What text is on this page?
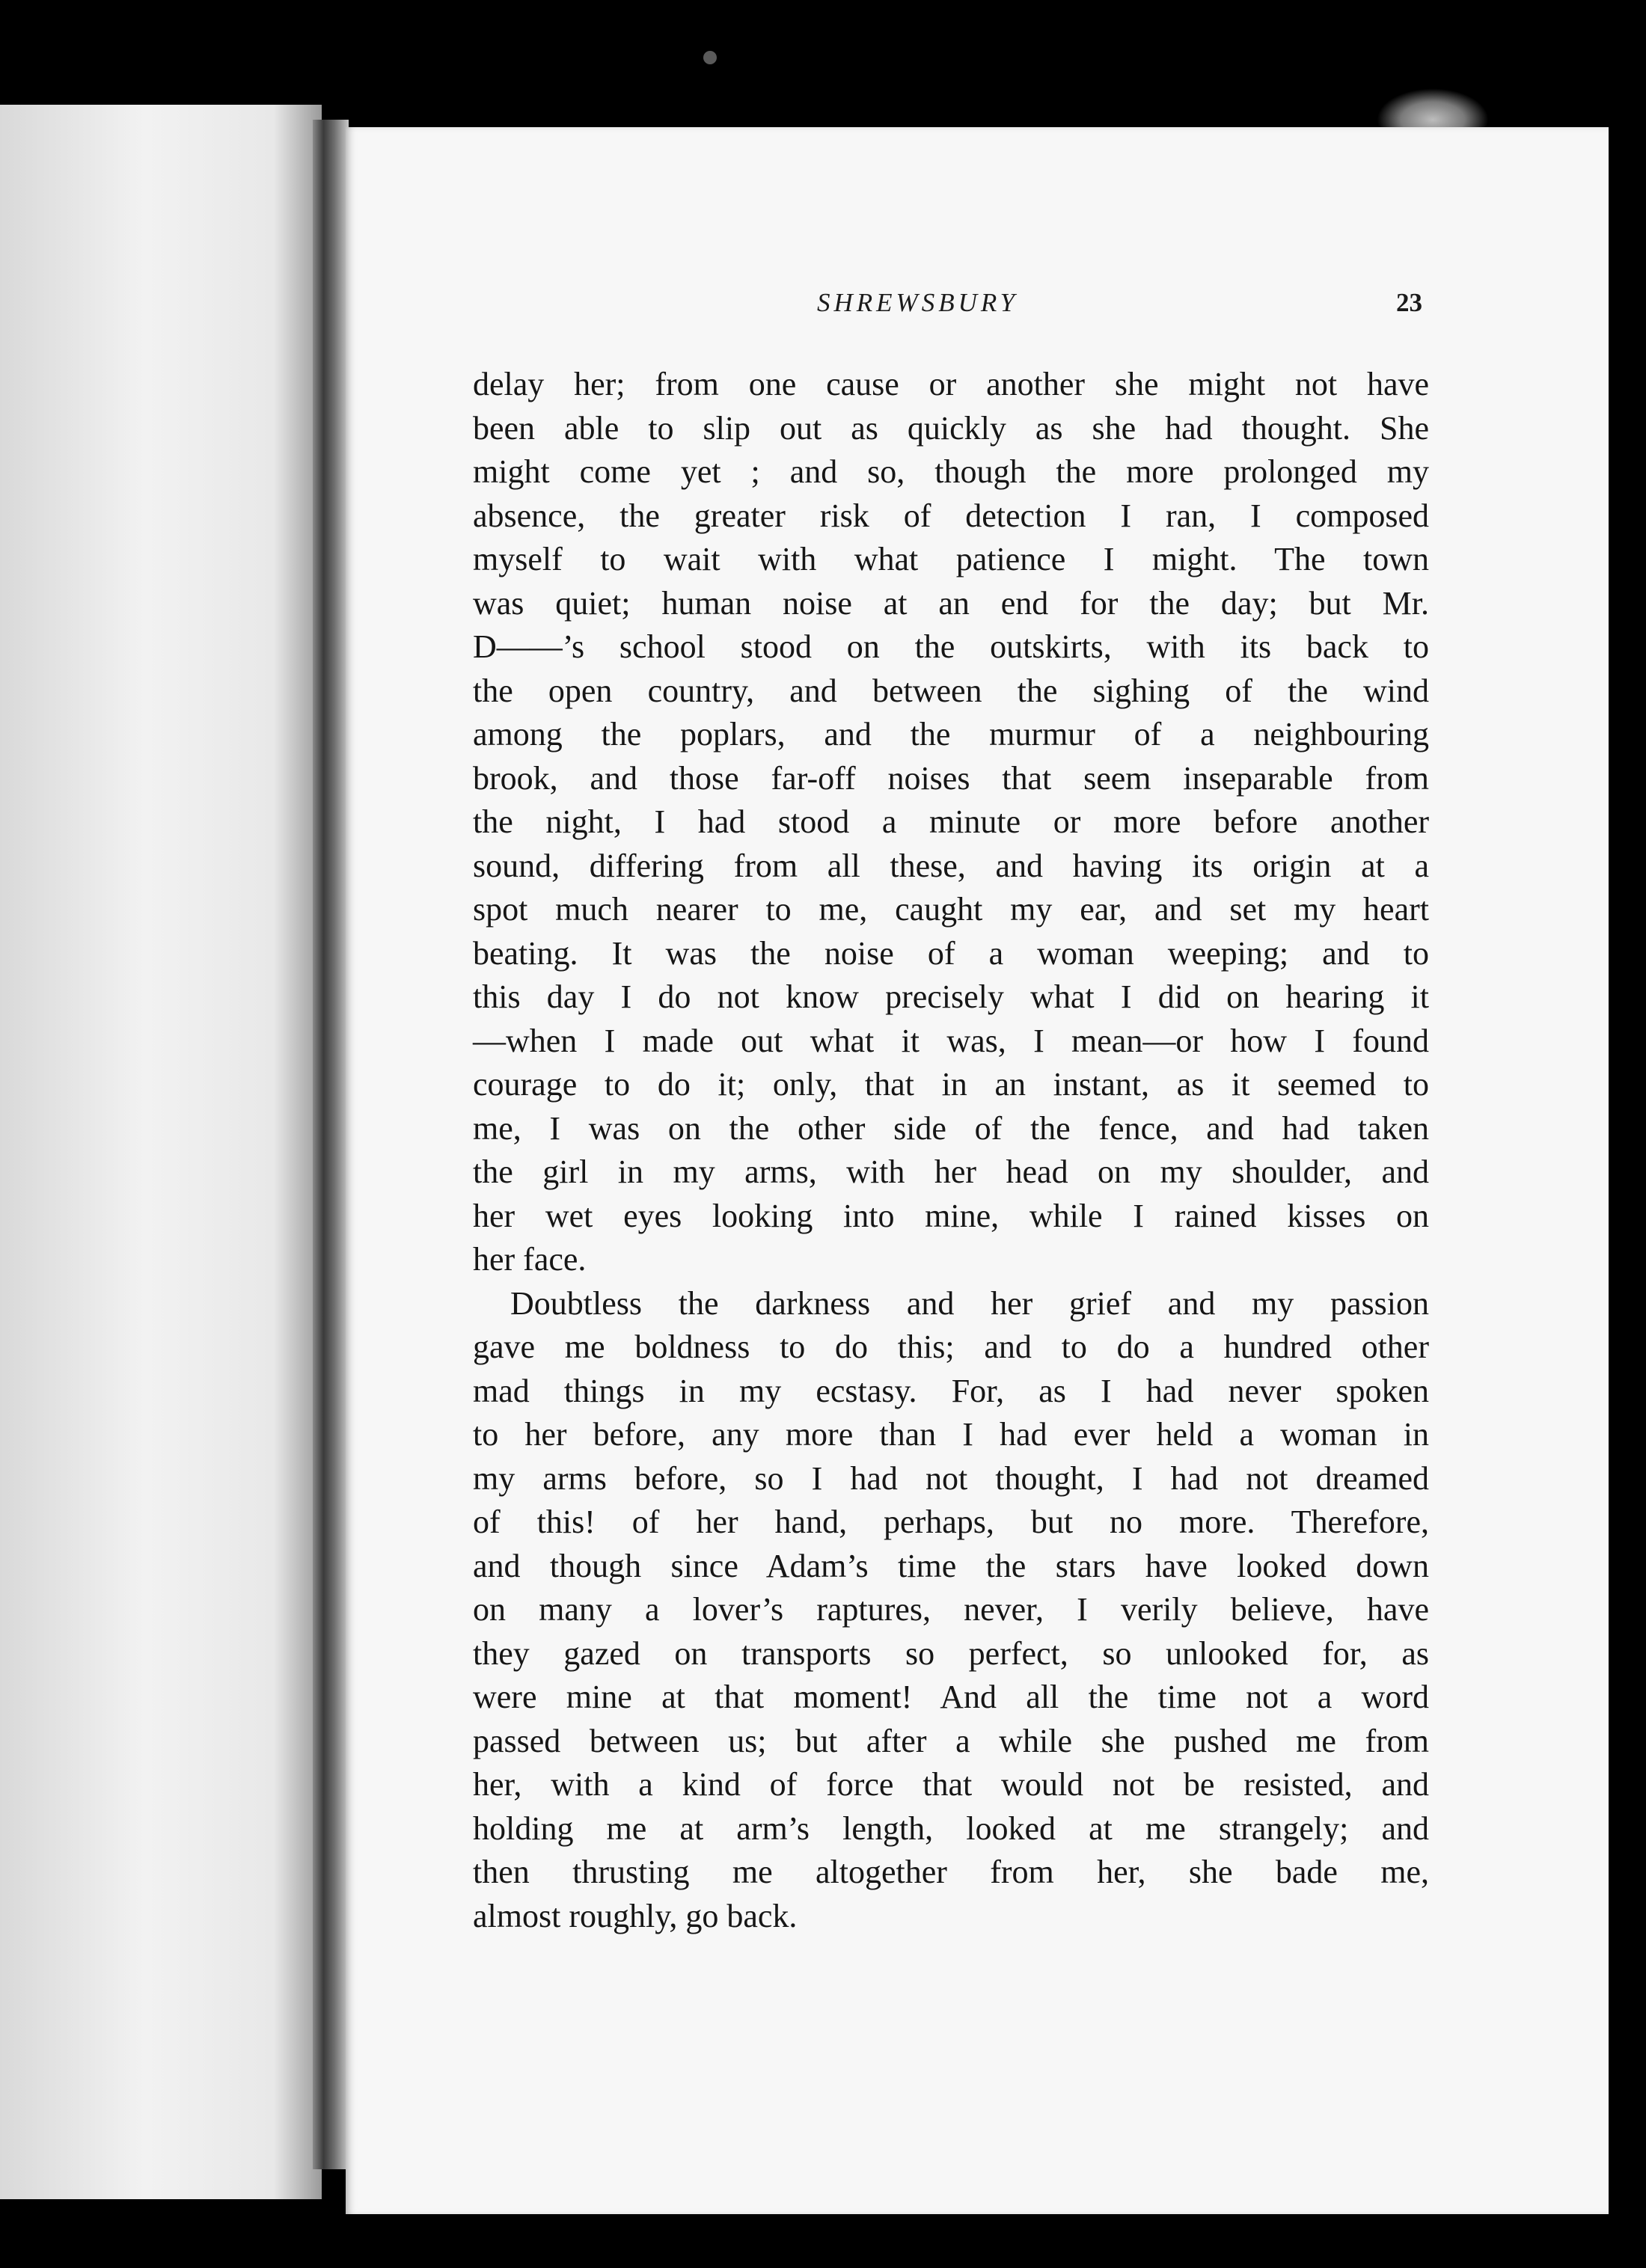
SHREWSBURY	23
delay her; from one cause or another she might not have
been able to slip out as quickly as she had thought. She
might come yet ; and so, though the more prolonged my
absence, the greater risk of detection I ran, I composed
myself to wait with what patience I might. The town
was quiet; human noise at an end for the day; but Mr.
D——’s school stood on the outskirts, with its back to
the open country, and between the sighing of the wind
among the poplars, and the murmur of a neighbouring
brook, and those far-off noises that seem inseparable from
the night, I had stood a minute or more before another
sound, differing from all these, and having its origin at a
spot much nearer to me, caught my ear, and set my heart
beating. It was the noise of a woman weeping; and to
this day I do not know precisely what I did on hearing it
—when I made out what it was, I mean—or how I found
courage to do it; only, that in an instant, as it seemed to
me, I was on the other side of the fence, and had taken
the girl in my arms, with her head on my shoulder, and
her wet eyes looking into mine, while I rained kisses on
her face.
Doubtless the darkness and her grief and my passion
gave me boldness to do this; and to do a hundred other
mad things in my ecstasy. For, as I had never spoken
to her before, any more than I had ever held a woman in
my arms before, so I had not thought, I had not dreamed
of this! of her hand, perhaps, but no more. Therefore,
and though since Adam’s time the stars have looked down
on many a lover’s raptures, never, I verily believe, have
they gazed on transports so perfect, so unlooked for, as
were mine at that moment! And all the time not a word
passed between us; but after a while she pushed me from
her, with a kind of force that would not be resisted, and
holding me at arm’s length, looked at me strangely; and
then thrusting me altogether from her, she bade me,
almost roughly, go back.
